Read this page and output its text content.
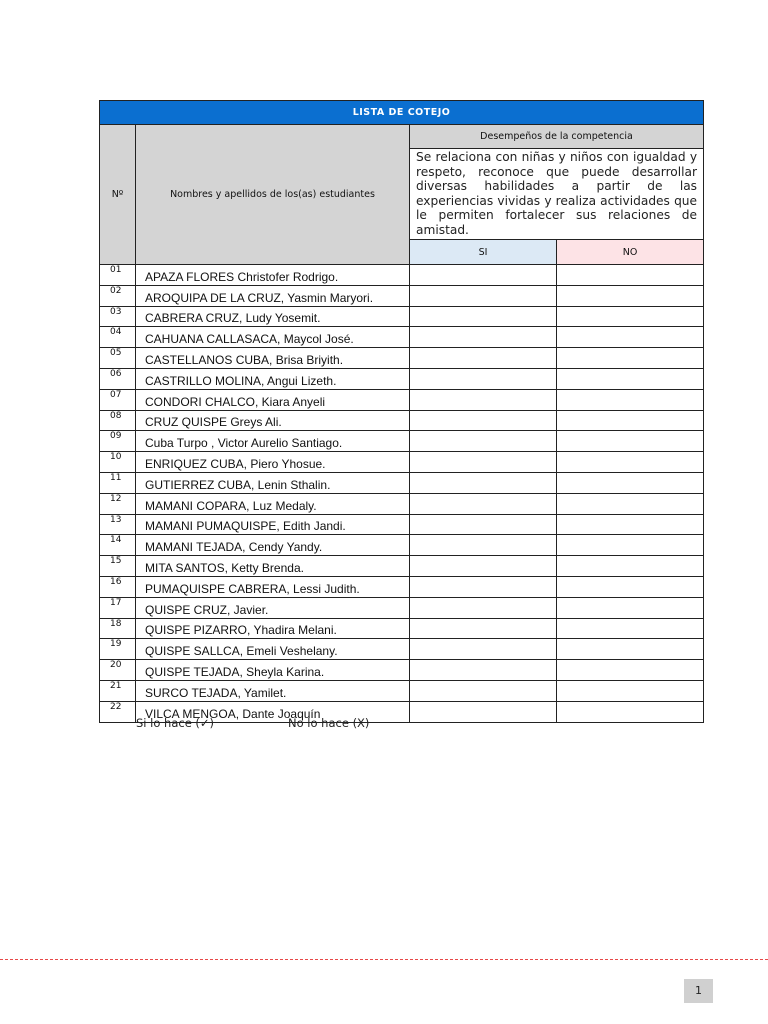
LISTA DE COTEJO			
Nº	Nombres y apellidos de los(as) estudiantes	Desempeños de la competencia	
		Se relaciona con niñas y niños con igualdad y respeto, reconoce que puede desarrollar diversas habilidades a partir de las experiencias vividas y realiza actividades que le permiten fortalecer sus relaciones de amistad.	
		SI	NO
01	APAZA FLORES Christofer Rodrigo.		
02	AROQUIPA DE LA CRUZ, Yasmin Maryori.		
03	CABRERA CRUZ, Ludy Yosemit.		
04	CAHUANA CALLASACA, Maycol José.		
05	CASTELLANOS CUBA, Brisa Briyith.		
06	CASTRILLO MOLINA, Angui Lizeth.		
07	CONDORI CHALCO, Kiara Anyeli		
08	CRUZ QUISPE Greys Ali.		
09	Cuba Turpo , Victor Aurelio Santiago.		
10	ENRIQUEZ CUBA, Piero Yhosue.		
11	GUTIERREZ CUBA, Lenin Sthalin.		
12	MAMANI COPARA, Luz Medaly.		
13	MAMANI PUMAQUISPE, Edith Jandi.		
14	MAMANI TEJADA, Cendy Yandy.		
15	MITA SANTOS, Ketty Brenda.		
16	PUMAQUISPE CABRERA, Lessi Judith.		
17	QUISPE CRUZ, Javier.		
18	QUISPE PIZARRO, Yhadira Melani.		
19	QUISPE SALLCA, Emeli Veshelany.		
20	QUISPE TEJADA, Sheyla Karina.		
21	SURCO TEJADA, Yamilet.		
22	VILCA MENGOA, Dante Joaquín		
Si lo hace (✓)	No lo hace (X)
1
